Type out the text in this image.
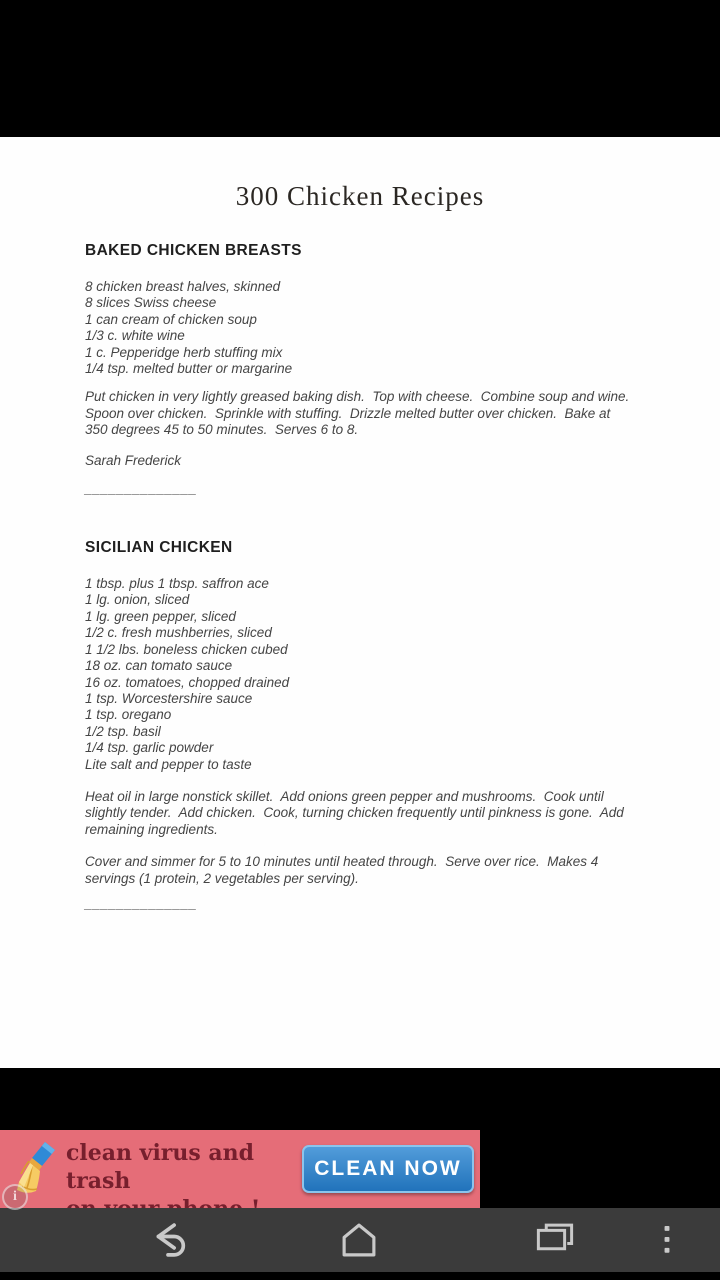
300 Chicken Recipes
BAKED CHICKEN BREASTS
8 chicken breast halves, skinned
8 slices Swiss cheese
1 can cream of chicken soup
1/3 c. white wine
1 c. Pepperidge herb stuffing mix
1/4 tsp. melted butter or margarine

Put chicken in very lightly greased baking dish.  Top with cheese.  Combine soup and wine.  Spoon over chicken.  Sprinkle with stuffing.  Drizzle melted butter over chicken.  Bake at 350 degrees 45 to 50 minutes.  Serves 6 to 8.

Sarah Frederick

______________
SICILIAN CHICKEN
1 tbsp. plus 1 tbsp. saffron ace
1 lg. onion, sliced
1 lg. green pepper, sliced
1/2 c. fresh mushberries, sliced
1 1/2 lbs. boneless chicken cubed
18 oz. can tomato sauce
16 oz. tomatoes, chopped drained
1 tsp. Worcestershire sauce
1 tsp. oregano
1/2 tsp. basil
1/4 tsp. garlic powder
Lite salt and pepper to taste

Heat oil in large nonstick skillet.  Add onions green pepper and mushrooms.  Cook until slightly tender.  Add chicken.  Cook, turning chicken frequently until pinkness is gone.  Add remaining ingredients.

Cover and simmer for 5 to 10 minutes until heated through.  Serve over rice.  Makes 4 servings (1 protein, 2 vegetables per serving).

______________
clean virus and trash	CLEAN NOW
i
